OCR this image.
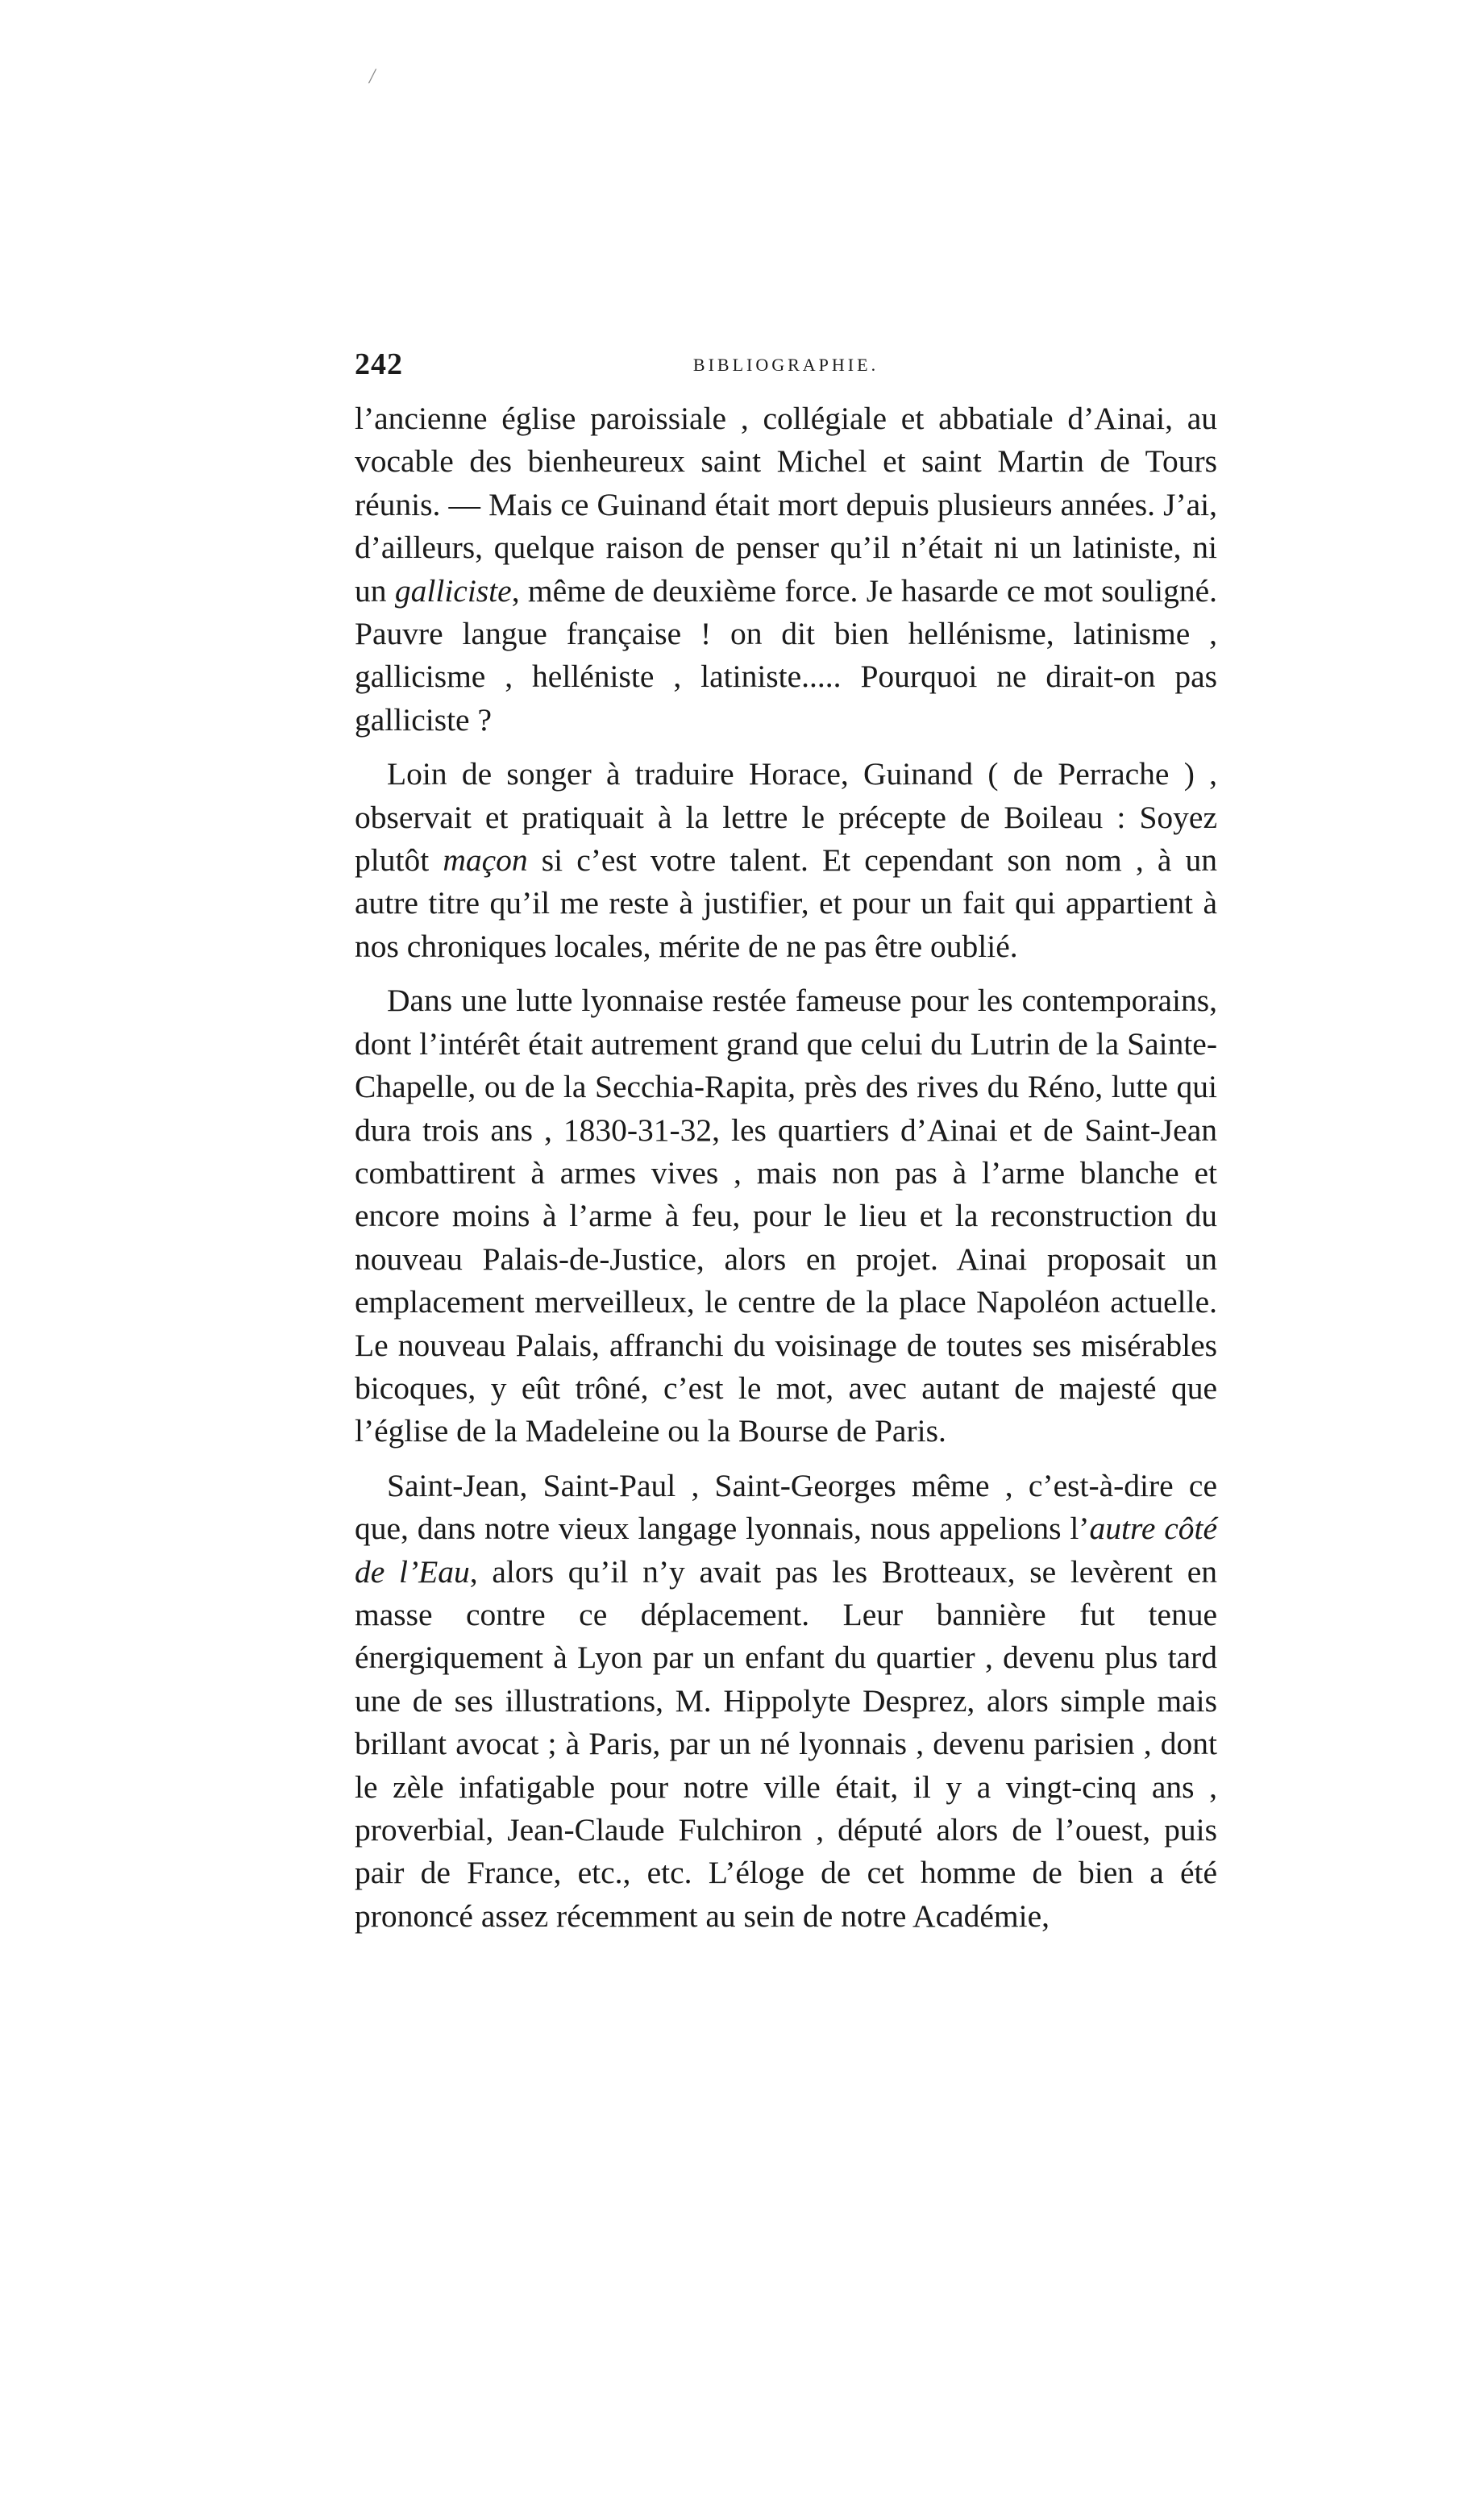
/
242	BIBLIOGRAPHIE.

l’ancienne église paroissiale , collégiale et abbatiale d’Ainai, au vocable des bienheureux saint Michel et saint Martin de Tours réunis. — Mais ce Guinand était mort depuis plusieurs années. J’ai, d’ailleurs, quelque raison de penser qu’il n’était ni un latiniste, ni un galliciste, même de deuxième force. Je hasarde ce mot souligné. Pauvre langue française ! on dit bien hellénisme, latinisme , gallicisme , helléniste , latiniste..... Pourquoi ne dirait-on pas galliciste ?

Loin de songer à traduire Horace, Guinand ( de Perrache ) , observait et pratiquait à la lettre le précepte de Boileau : Soyez plutôt maçon si c’est votre talent. Et cependant son nom , à un autre titre qu’il me reste à justifier, et pour un fait qui appartient à nos chroniques locales, mérite de ne pas être oublié.

Dans une lutte lyonnaise restée fameuse pour les contemporains, dont l’intérêt était autrement grand que celui du Lutrin de la Sainte-Chapelle, ou de la Secchia-Rapita, près des rives du Réno, lutte qui dura trois ans , 1830-31-32, les quartiers d’Ainai et de Saint-Jean combattirent à armes vives , mais non pas à l’arme blanche et encore moins à l’arme à feu, pour le lieu et la reconstruction du nouveau Palais-de-Justice, alors en projet. Ainai proposait un emplacement merveilleux, le centre de la place Napoléon actuelle. Le nouveau Palais, affranchi du voisinage de toutes ses misérables bicoques, y eût trôné, c’est le mot, avec autant de majesté que l’église de la Madeleine ou la Bourse de Paris.

Saint-Jean, Saint-Paul , Saint-Georges même , c’est-à-dire ce que, dans notre vieux langage lyonnais, nous appelions l’autre côté de l’Eau, alors qu’il n’y avait pas les Brotteaux, se levèrent en masse contre ce déplacement. Leur bannière fut tenue énergiquement à Lyon par un enfant du quartier , devenu plus tard une de ses illustrations, M. Hippolyte Desprez, alors simple mais brillant avocat ; à Paris, par un né lyonnais , devenu parisien , dont le zèle infatigable pour notre ville était, il y a vingt-cinq ans , proverbial, Jean-Claude Fulchiron , député alors de l’ouest, puis pair de France, etc., etc. L’éloge de cet homme de bien a été prononcé assez récemment au sein de notre Académie,
